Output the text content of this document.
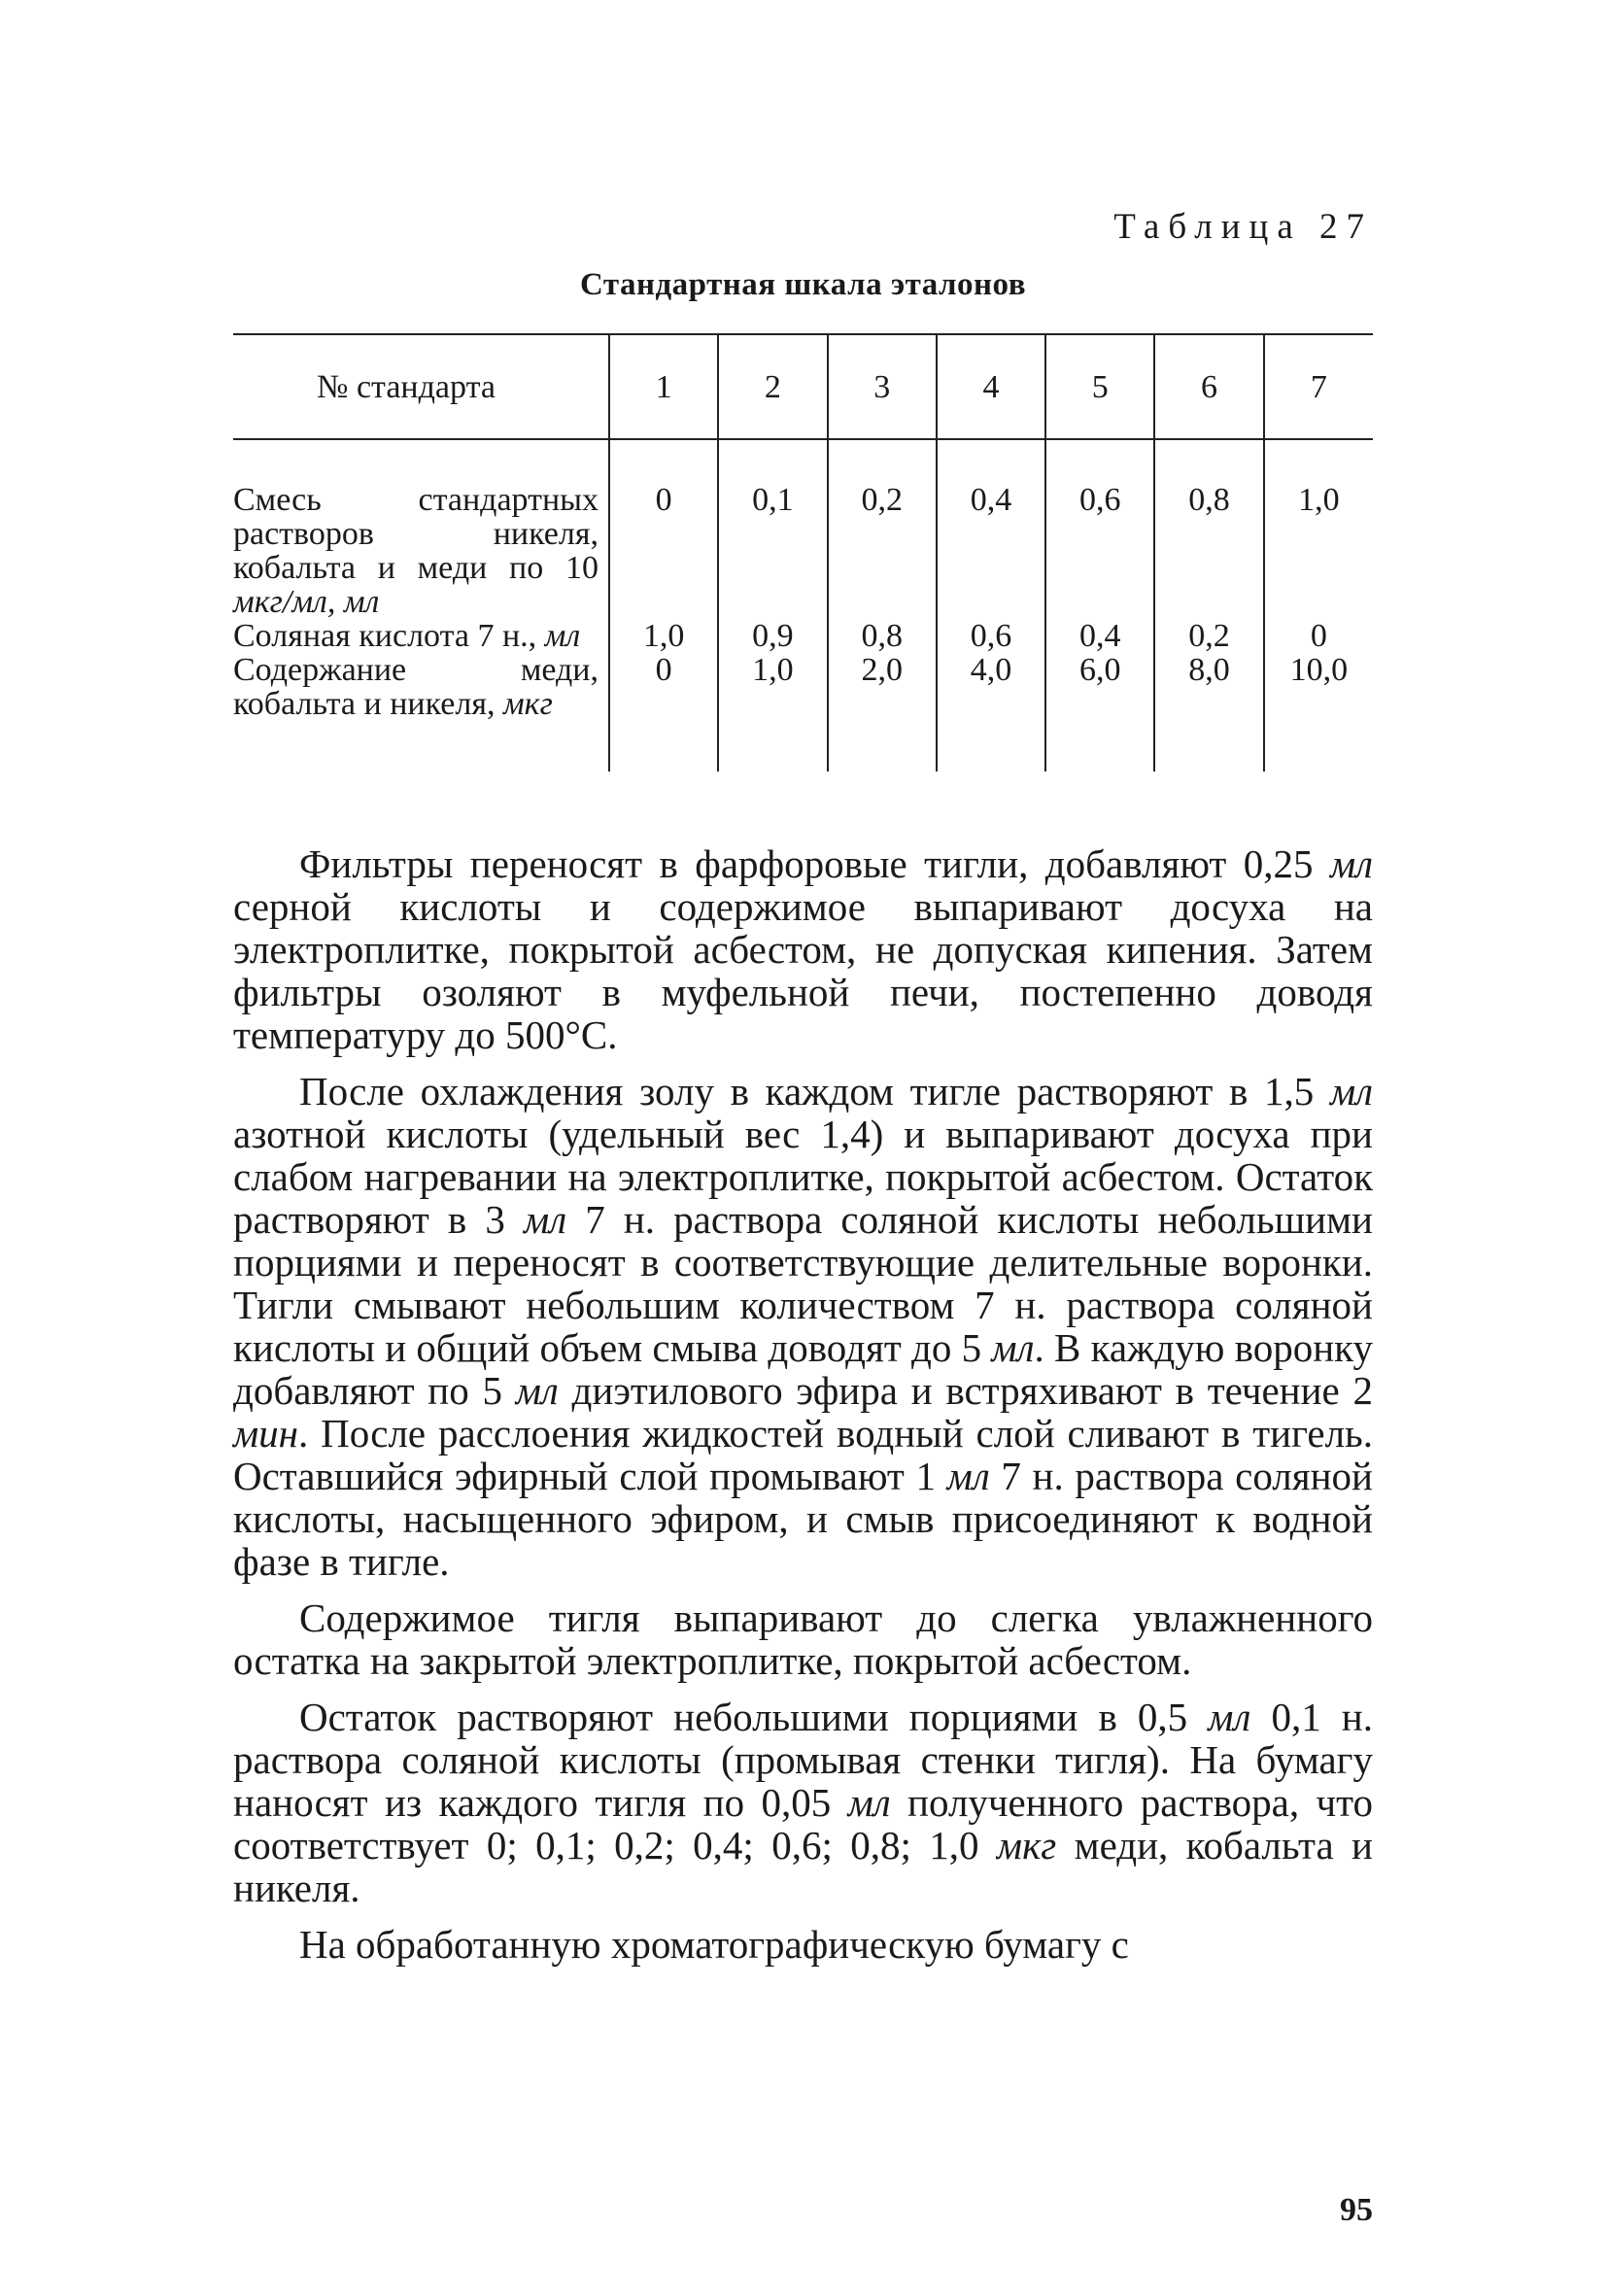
Таблица 27
Стандартная шкала эталонов
№ стандарта	1	2	3	4	5	6	7
Смесь стандартных растворов никеля, кобальта и меди по 10 мкг/мл, мл	0	0,1	0,2	0,4	0,6	0,8	1,0
Соляная кислота 7 н., мл	1,0	0,9	0,8	0,6	0,4	0,2	0
Содержание меди, кобальта и никеля, мкг	0	1,0	2,0	4,0	6,0	8,0	10,0

Фильтры переносят в фарфоровые тигли, добавляют 0,25 мл серной кислоты и содержимое выпаривают досуха на электроплитке, покрытой асбестом, не допуская кипения. Затем фильтры озоляют в муфельной печи, постепенно доводя температуру до 500°С.

После охлаждения золу в каждом тигле растворяют в 1,5 мл азотной кислоты (удельный вес 1,4) и выпаривают досуха при слабом нагревании на электроплитке, покрытой асбестом. Остаток растворяют в 3 мл 7 н. раствора соляной кислоты небольшими порциями и переносят в соответствующие делительные воронки. Тигли смывают небольшим количеством 7 н. раствора соляной кислоты и общий объем смыва доводят до 5 мл. В каждую воронку добавляют по 5 мл диэтилового эфира и встряхивают в течение 2 мин. После расслоения жидкостей водный слой сливают в тигель. Оставшийся эфирный слой промывают 1 мл 7 н. раствора соляной кислоты, насыщенного эфиром, и смыв присоединяют к водной фазе в тигле.

Содержимое тигля выпаривают до слегка увлажненного остатка на закрытой электроплитке, покрытой асбестом.

Остаток растворяют небольшими порциями в 0,5 мл 0,1 н. раствора соляной кислоты (промывая стенки тигля). На бумагу наносят из каждого тигля по 0,05 мл полученного раствора, что соответствует 0; 0,1; 0,2; 0,4; 0,6; 0,8; 1,0 мкг меди, кобальта и никеля.

На обработанную хроматографическую бумагу с

95
